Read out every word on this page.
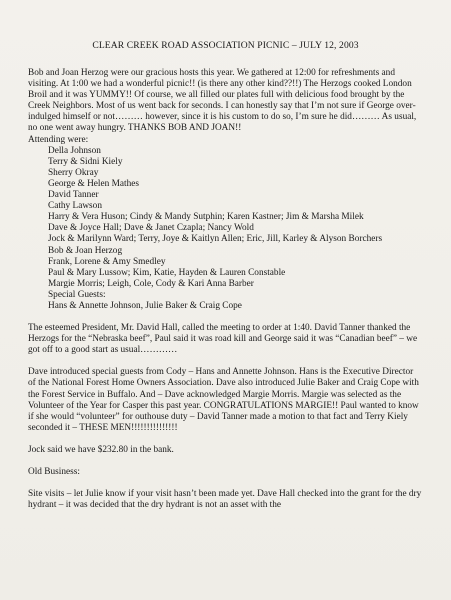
CLEAR CREEK ROAD ASSOCIATION PICNIC – JULY 12, 2003

Bob and Joan Herzog were our gracious hosts this year. We gathered at 12:00 for refreshments and visiting. At 1:00 we had a wonderful picnic!! (is there any other kind??!!) The Herzogs cooked London Broil and it was YUMMY!! Of course, we all filled our plates full with delicious food brought by the Creek Neighbors. Most of us went back for seconds. I can honestly say that I’m not sure if George over-indulged himself or not……… however, since it is his custom to do so, I’m sure he did……… As usual, no one went away hungry. THANKS BOB AND JOAN!!

Attending were:

Della Johnson

Terry & Sidni Kiely

Sherry Okray

George & Helen Mathes

David Tanner

Cathy Lawson

Harry & Vera Huson; Cindy & Mandy Sutphin; Karen Kastner; Jim & Marsha Milek

Dave & Joyce Hall; Dave & Janet Czapla; Nancy Wold

Jock & Marilynn Ward; Terry, Joye & Kaitlyn Allen; Eric, Jill, Karley & Alyson Borchers

Bob & Joan Herzog

Frank, Lorene & Amy Smedley

Paul & Mary Lussow; Kim, Katie, Hayden & Lauren Constable

Margie Morris; Leigh, Cole, Cody & Kari Anna Barber

Special Guests:

Hans & Annette Johnson, Julie Baker & Craig Cope

The esteemed President, Mr. David Hall, called the meeting to order at 1:40. David Tanner thanked the Herzogs for the “Nebraska beef”, Paul said it was road kill and George said it was “Canadian beef” – we got off to a good start as usual…………

Dave introduced special guests from Cody – Hans and Annette Johnson. Hans is the Executive Director of the National Forest Home Owners Association. Dave also introduced Julie Baker and Craig Cope with the Forest Service in Buffalo. And – Dave acknowledged Margie Morris. Margie was selected as the Volunteer of the Year for Casper this past year. CONGRATULATIONS MARGIE!! Paul wanted to know if she would “volunteer” for outhouse duty – David Tanner made a motion to that fact and Terry Kiely seconded it – THESE MEN!!!!!!!!!!!!!!!

Jock said we have $232.80 in the bank.

Old Business:

Site visits – let Julie know if your visit hasn’t been made yet. Dave Hall checked into the grant for the dry hydrant – it was decided that the dry hydrant is not an asset with the
